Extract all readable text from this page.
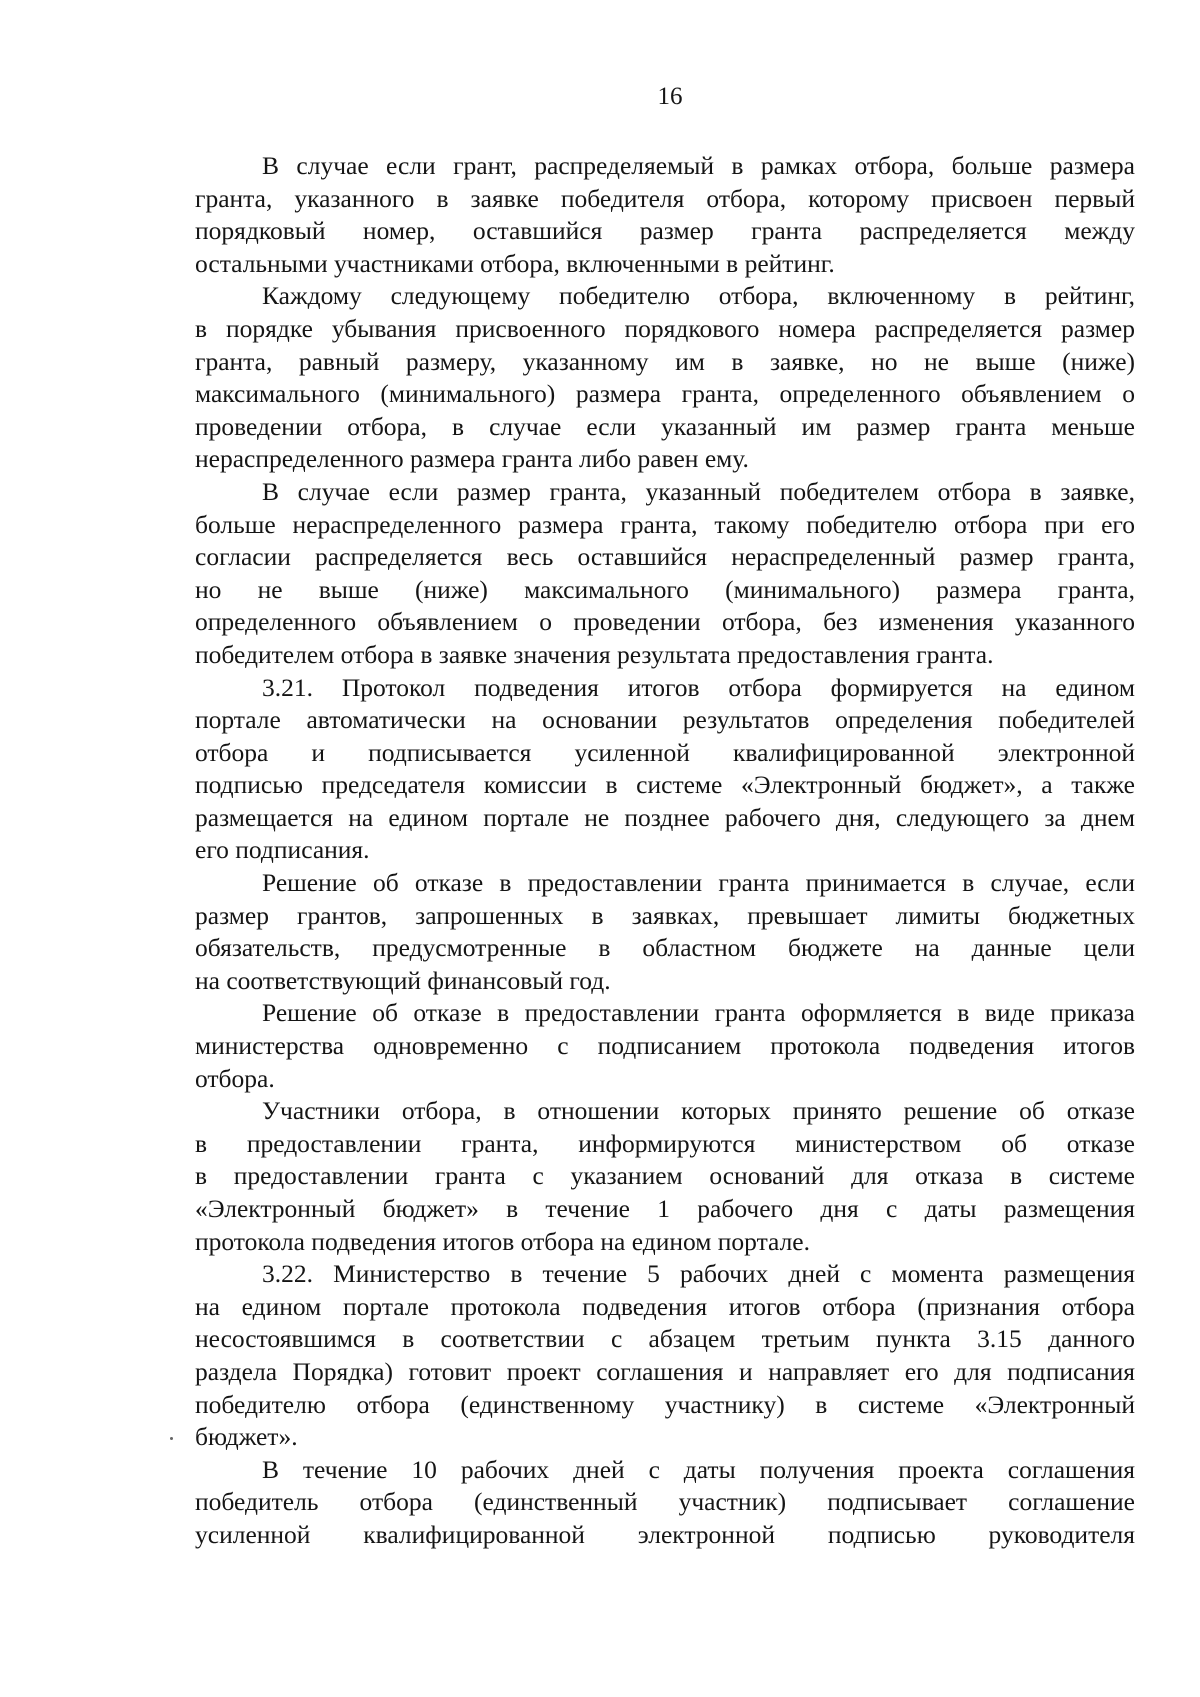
16
В случае если грант, распределяемый в рамках отбора, больше размера
гранта, указанного в заявке победителя отбора, которому присвоен первый
порядковый номер, оставшийся размер гранта распределяется между
остальными участниками отбора, включенными в рейтинг.
Каждому следующему победителю отбора, включенному в рейтинг,
в порядке убывания присвоенного порядкового номера распределяется размер
гранта, равный размеру, указанному им в заявке, но не выше (ниже)
максимального (минимального) размера гранта, определенного объявлением о
проведении отбора, в случае если указанный им размер гранта меньше
нераспределенного размера гранта либо равен ему.
В случае если размер гранта, указанный победителем отбора в заявке,
больше нераспределенного размера гранта, такому победителю отбора при его
согласии распределяется весь оставшийся нераспределенный размер гранта,
но не выше (ниже) максимального (минимального) размера гранта,
определенного объявлением о проведении отбора, без изменения указанного
победителем отбора в заявке значения результата предоставления гранта.
3.21. Протокол подведения итогов отбора формируется на едином
портале автоматически на основании результатов определения победителей
отбора и подписывается усиленной квалифицированной электронной
подписью председателя комиссии в системе «Электронный бюджет», а также
размещается на едином портале не позднее рабочего дня, следующего за днем
его подписания.
Решение об отказе в предоставлении гранта принимается в случае, если
размер грантов, запрошенных в заявках, превышает лимиты бюджетных
обязательств, предусмотренные в областном бюджете на данные цели
на соответствующий финансовый год.
Решение об отказе в предоставлении гранта оформляется в виде приказа
министерства одновременно с подписанием протокола подведения итогов
отбора.
Участники отбора, в отношении которых принято решение об отказе
в предоставлении гранта, информируются министерством об отказе
в предоставлении гранта с указанием оснований для отказа в системе
«Электронный бюджет» в течение 1 рабочего дня с даты размещения
протокола подведения итогов отбора на едином портале.
3.22. Министерство в течение 5 рабочих дней с момента размещения
на едином портале протокола подведения итогов отбора (признания отбора
несостоявшимся в соответствии с абзацем третьим пункта 3.15 данного
раздела Порядка) готовит проект соглашения и направляет его для подписания
победителю отбора (единственному участнику) в системе «Электронный
бюджет».
В течение 10 рабочих дней с даты получения проекта соглашения
победитель отбора (единственный участник) подписывает соглашение
усиленной квалифицированной электронной подписью руководителя
